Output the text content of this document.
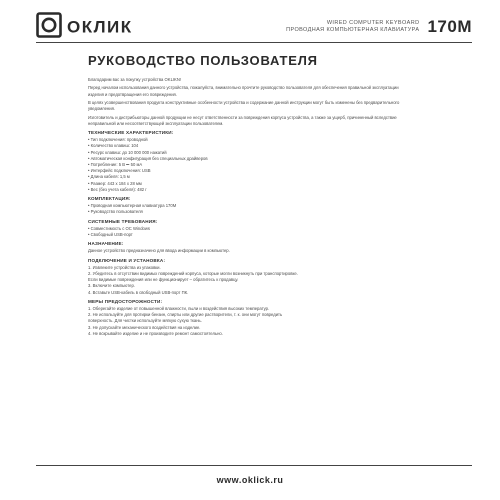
ОКЛИК	WIRED COMPUTER KEYBOARD
ПРОВОДНАЯ КОМПЬЮТЕРНАЯ КЛАВИАТУРА 170M
РУКОВОДСТВО ПОЛЬЗОВАТЕЛЯ

Благодарим вас за покупку устройства OKLIKN!

Перед началом использования данного устройства, пожалуйста, внимательно прочтите руководство пользователя для обеспечения правильной эксплуатации изделия и предотвращения его повреждения.

В целях усовершенствования продукта конструктивные особенности устройства и содержание данной инструкции могут быть изменены без предварительного уведомления.

Изготовитель и дистрибьюторы данной продукции не несут ответственности за повреждения корпуса устройства, а также за ущерб, причиненный вследствие неправильной или несоответствующей эксплуатации пользователем.

ТЕХНИЧЕСКИЕ ХАРАКТЕРИСТИКИ:
• Тип подключения: проводной
• Количество клавиш: 104
• Ресурс клавиш: до 10 000 000 нажатий
• Автоматическая конфигурация без специальных драйверов
• Потребление: 5 В ⎓ 50 мА
• Интерфейс подключения: USB
• Длина кабеля: 1,5 м
• Размер: 443 x 184 x 28 мм
• Вес (без учета кабеля): 482 г
КОМПЛЕКТАЦИЯ:
• Проводная компьютерная клавиатура 170M
• Руководство пользователя
СИСТЕМНЫЕ ТРЕБОВАНИЯ:
• Совместимость с ОС Windows
• Свободный USB-порт
НАЗНАЧЕНИЕ:

Данное устройство предназначено для ввода информации в компьютер.

ПОДКЛЮЧЕНИЕ И УСТАНОВКА:
1. Извлеките устройства из упаковки.
2. Убедитесь в отсутствии видимых повреждений корпуса, которые могли возникнуть при транспортировке.
Если видимые повреждения или не функционирует – обратитесь к продавцу.
3. Включите компьютер.
4. Вставьте USB-кабель в свободный USB-порт ПК.
МЕРЫ ПРЕДОСТОРОЖНОСТИ:
1. Оберегайте изделие от повышенной влажности, пыли и воздействия высоких температур.
2. Не используйте для протирки бензин, спирты или другие растворители, т. к. они могут повредить
поверхность. Для чистки используйте мягкую сухую ткань.
3. Не допускайте механического воздействия на изделие.
4. Не вскрывайте изделие и не производите ремонт самостоятельно.
www.oklick.ru
